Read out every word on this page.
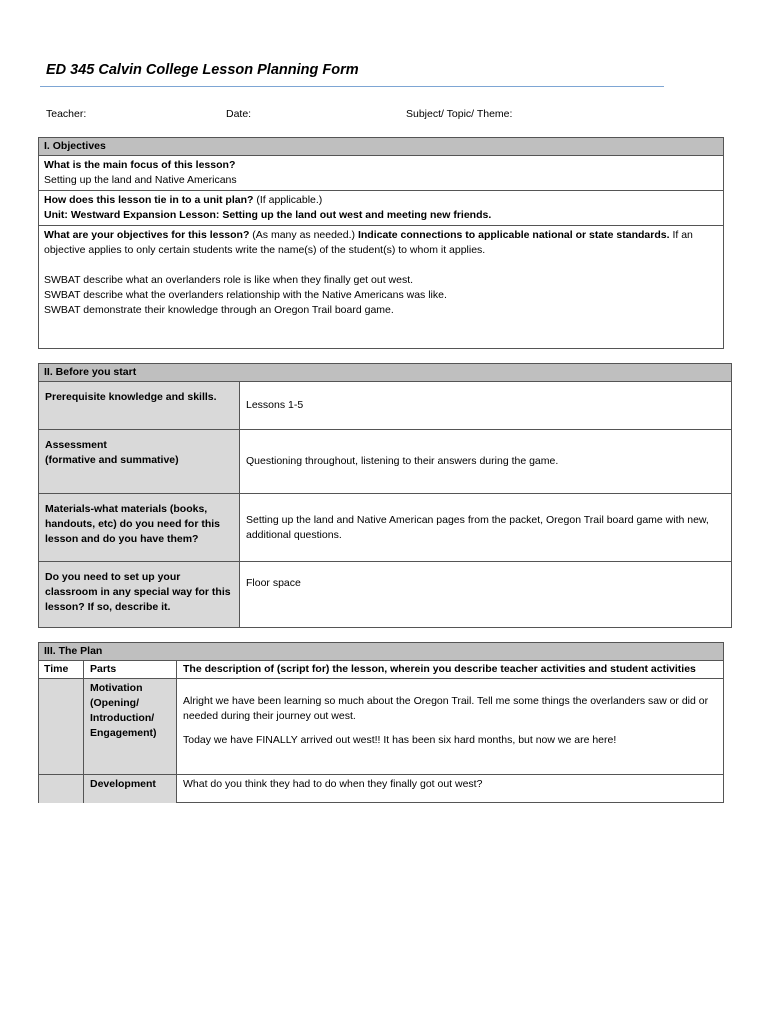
ED 345 Calvin College Lesson Planning Form
Teacher:	Date:	Subject/ Topic/ Theme:
I. Objectives

What is the main focus of this lesson?
Setting up the land and Native Americans

How does this lesson tie in to a unit plan? (If applicable.)
Unit: Westward Expansion Lesson: Setting up the land out west and meeting new friends.

What are your objectives for this lesson? (As many as needed.) Indicate connections to applicable national or state standards. If an objective applies to only certain students write the name(s) of the student(s) to whom it applies.
SWBAT describe what an overlanders role is like when they finally get out west.
SWBAT describe what the overlanders relationship with the Native Americans was like.
SWBAT demonstrate their knowledge through an Oregon Trail board game.
II. Before you start	
Prerequisite knowledge and skills.	Lessons 1-5
Assessment
(formative and summative)	Questioning throughout, listening to their answers during the game.
Materials-what materials (books, handouts, etc) do you need for this lesson and do you have them?	Setting up the land and Native American pages from the packet, Oregon Trail board game with new, additional questions.
Do you need to set up your classroom in any special way for this lesson? If so, describe it.	Floor space
III. The Plan		
Time	Parts	The description of (script for) the lesson, wherein you describe teacher activities and student activities
	Motivation (Opening/ Introduction/ Engagement)	Alright we have been learning so much about the Oregon Trail. Tell me some things the overlanders saw or did or needed during their journey out west.

Today we have FINALLY arrived out west!! It has been six hard months, but now we are here!

	Development	What do you think they had to do when they finally got out west?
